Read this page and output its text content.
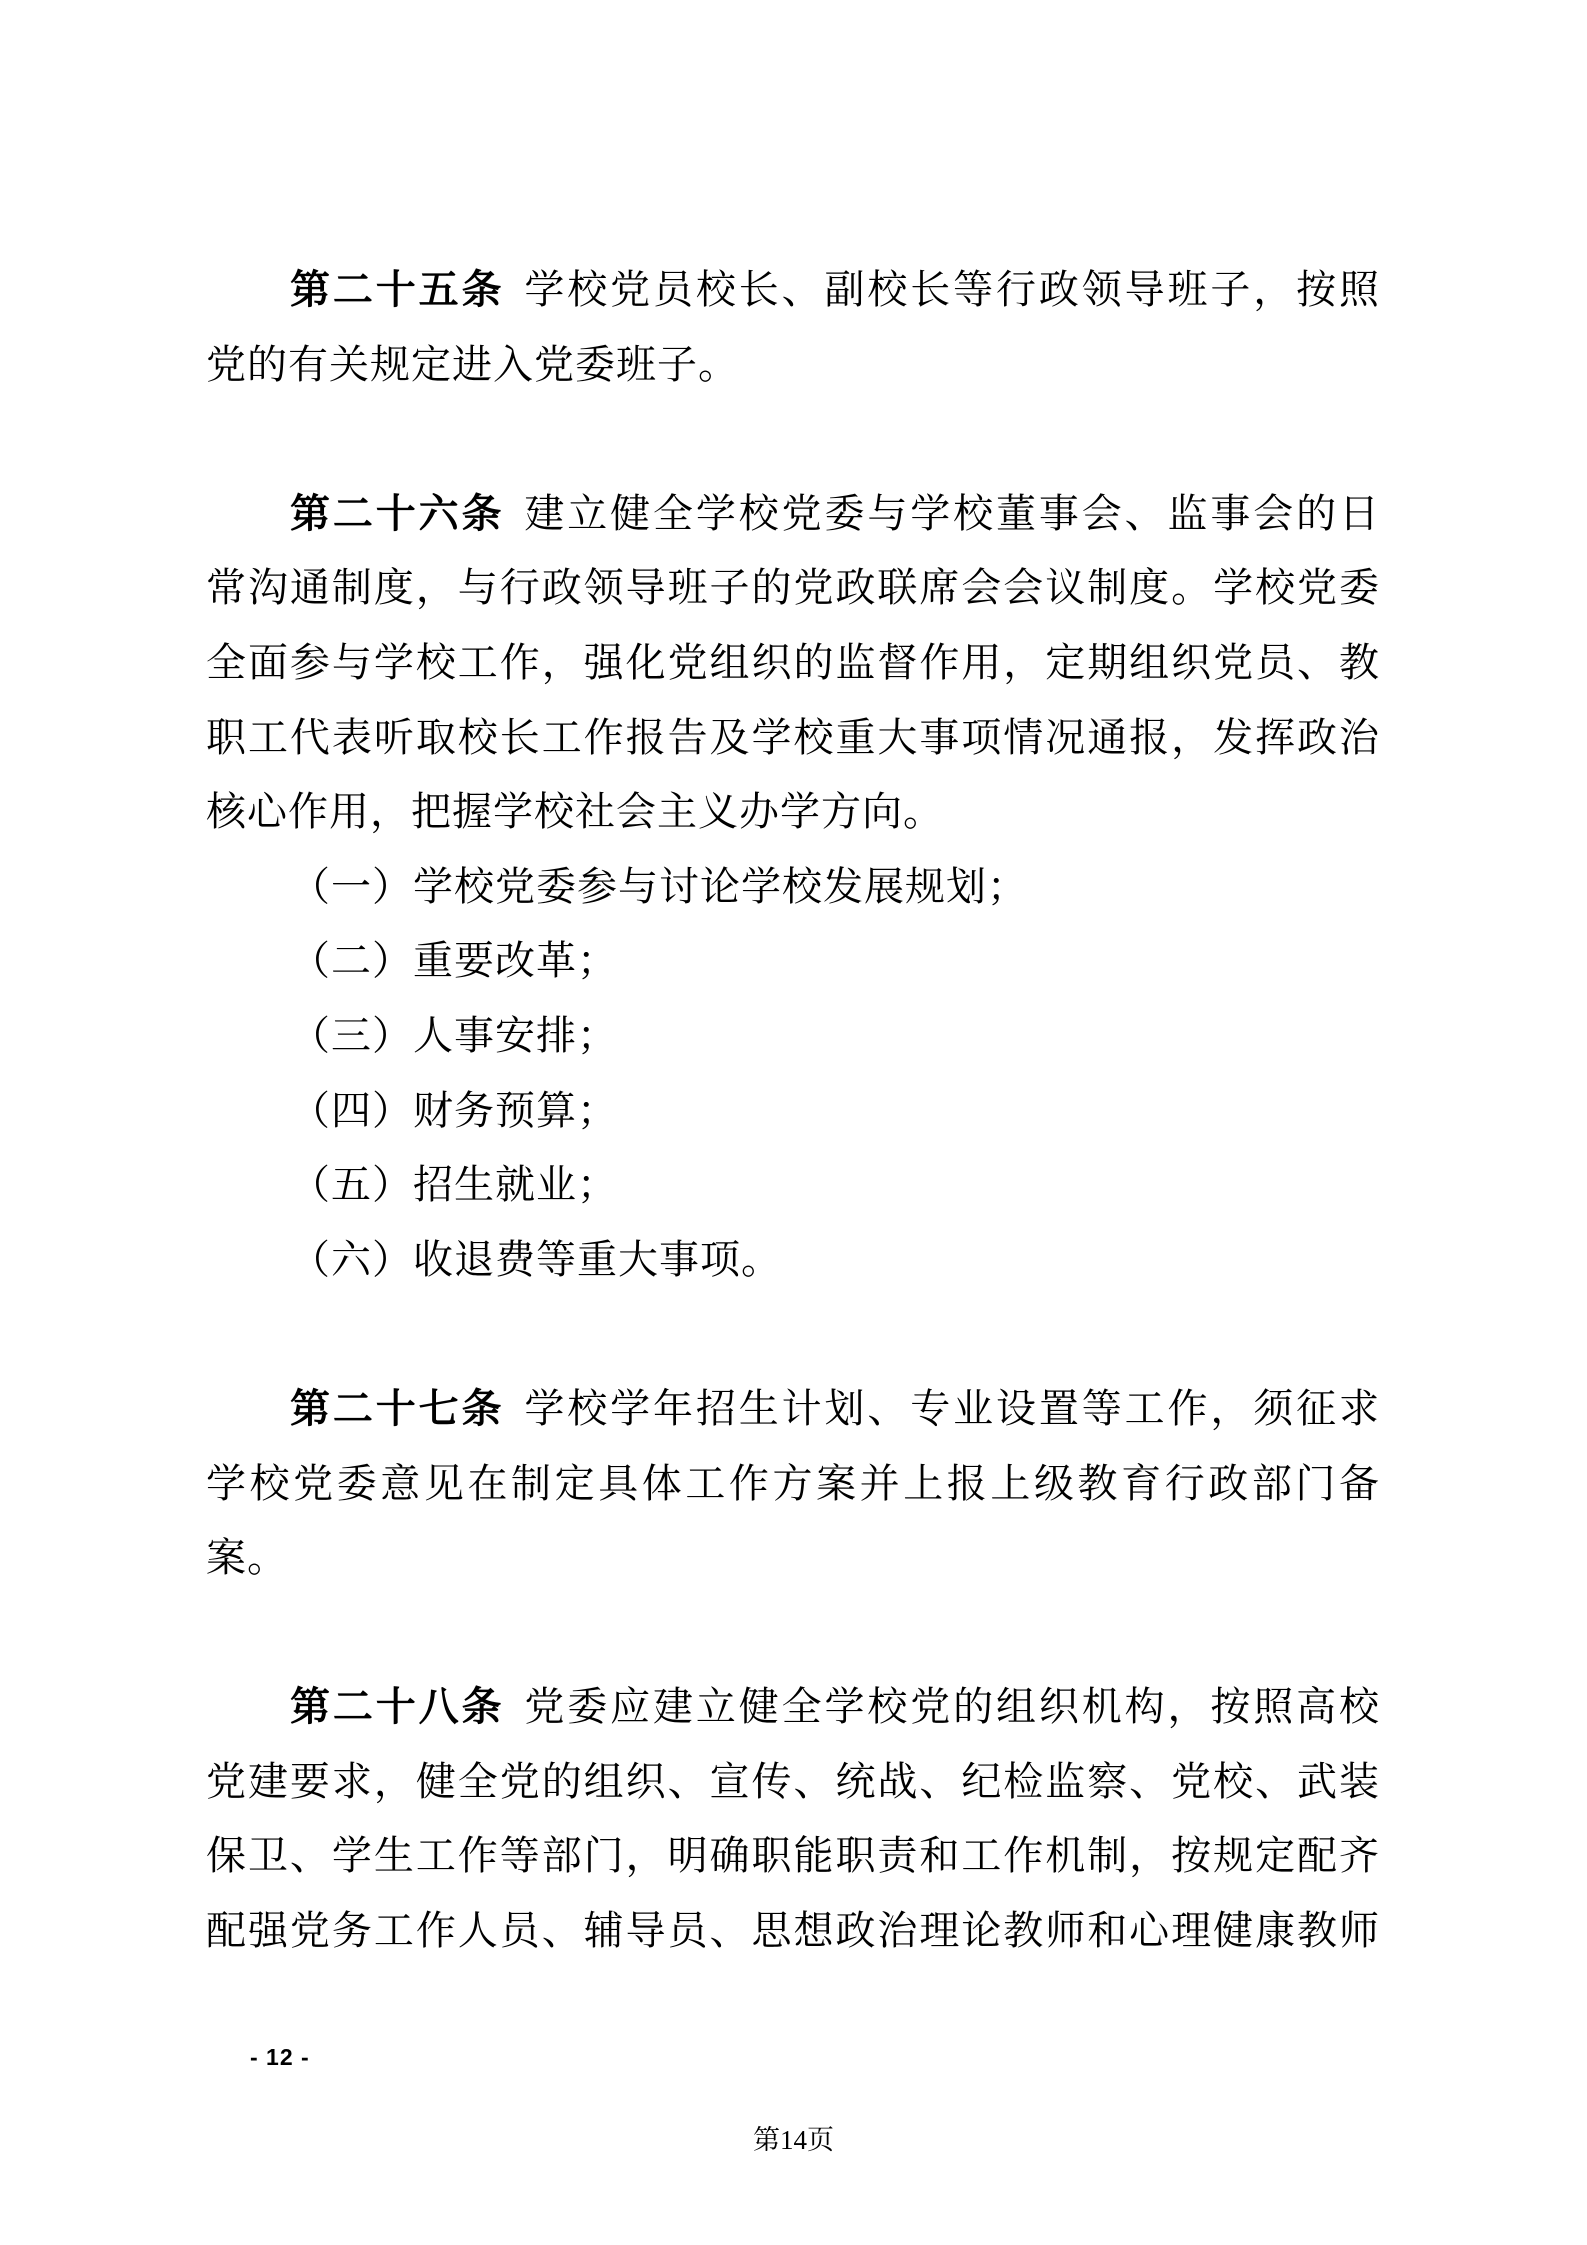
第二十五条 学校党员校长、副校长等行政领导班子，按照
党的有关规定进入党委班子。
第二十六条 建立健全学校党委与学校董事会、监事会的日
常沟通制度，与行政领导班子的党政联席会会议制度。学校党委
全面参与学校工作，强化党组织的监督作用，定期组织党员、教
职工代表听取校长工作报告及学校重大事项情况通报，发挥政治
核心作用，把握学校社会主义办学方向。
（一）学校党委参与讨论学校发展规划；
（二）重要改革；
（三）人事安排；
（四）财务预算；
（五）招生就业；
（六）收退费等重大事项。
第二十七条 学校学年招生计划、专业设置等工作，须征求
学校党委意见在制定具体工作方案并上报上级教育行政部门备
案。
第二十八条 党委应建立健全学校党的组织机构，按照高校
党建要求，健全党的组织、宣传、统战、纪检监察、党校、武装
保卫、学生工作等部门，明确职能职责和工作机制，按规定配齐
配强党务工作人员、辅导员、思想政治理论教师和心理健康教师
- 12 -
第14页
